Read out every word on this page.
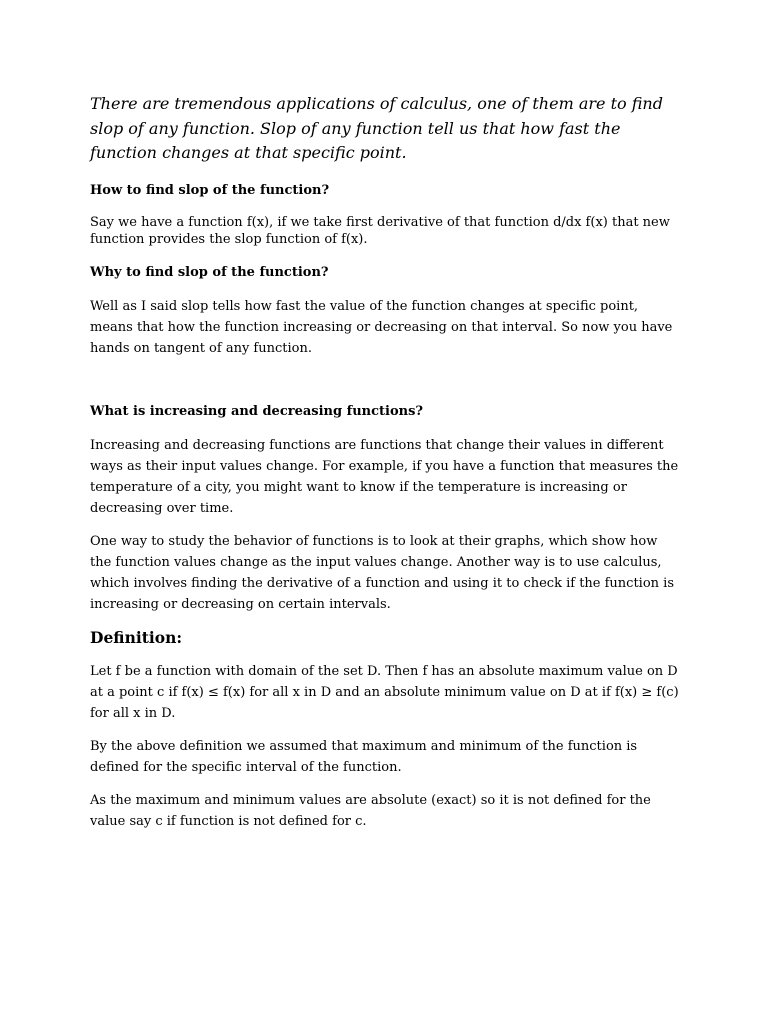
There are tremendous applications of calculus, one of them are to find slop of any function. Slop of any function tell us that how fast the function changes at that specific point.

How to find slop of the function?

Say we have a function f(x), if we take first derivative of that function d/dx f(x) that new function provides the slop function of f(x).

Why to find slop of the function?

Well as I said slop tells how fast the value of the function changes at specific point, means that how the function increasing or decreasing on that interval. So now you have hands on tangent of any function.

What is increasing and decreasing functions?

Increasing and decreasing functions are functions that change their values in different ways as their input values change. For example, if you have a function that measures the temperature of a city, you might want to know if the temperature is increasing or decreasing over time.

One way to study the behavior of functions is to look at their graphs, which show how the function values change as the input values change. Another way is to use calculus, which involves finding the derivative of a function and using it to check if the function is increasing or decreasing on certain intervals.

Definition:

Let f be a function with domain of the set D. Then f has an absolute maximum value on D at a point c if f(x) ≤ f(x) for all x in D and an absolute minimum value on D at if f(x) ≥ f(c) for all x in D.

By the above definition we assumed that maximum and minimum of the function is defined for the specific interval of the function.

As the maximum and minimum values are absolute (exact) so it is not defined for the value say c if function is not defined for c.
